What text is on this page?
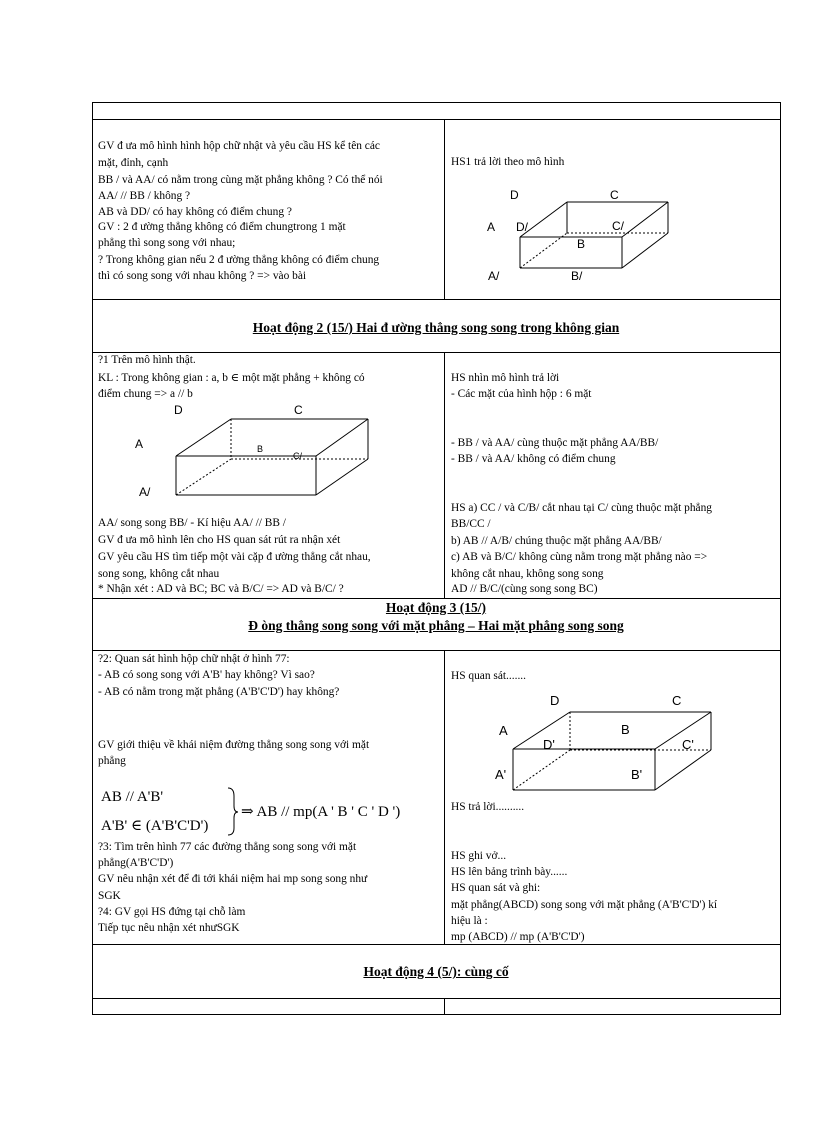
GV đ ưa mô hình hình hộp chữ nhật và yêu cầu HS kể tên các
mặt, đỉnh, cạnh
BB / và AA/ có nằm trong cùng mặt phẳng không ? Có thể nói
AA/ // BB / không ?
AB và DD/ có hay không có điểm chung ?
GV : 2 đ ường thẳng không có điểm chungtrong 1 mặt
phẳng thì song song với nhau;
? Trong không gian nếu 2 đ ường thẳng không có điểm chung
thì có song song với nhau không ? => vào bài
HS1 trả lời theo mô hình
D	C
A D/	C/
B
A/	B/
Hoạt động 2 (15/) Hai đ ường thẳng song song trong không gian
?1 Trên mô hình thật.
KL : Trong không gian : a, b ∈ một mặt phẳng + không có
điểm chung => a // b
D	C
A	B
C/
A/
AA/ song song BB/ - Kí hiệu AA/ // BB /
GV đ ưa mô hình lên cho HS quan sát rút ra nhận xét
GV yêu cầu HS tìm tiếp một vài cặp đ ường thẳng cắt nhau,
song song, không cắt nhau
* Nhận xét : AD và BC; BC và B/C/ => AD và B/C/ ?
HS nhìn mô hình trả lời
- Các mặt của hình hộp : 6 mặt
- BB / và AA/ cùng thuộc mặt phẳng AA/BB/
- BB / và AA/ không có điểm chung
HS a) CC / và C/B/ cắt nhau tại C/ cùng thuộc mặt phẳng
BB/CC /
b) AB // A/B/ chúng thuộc mặt phẳng AA/BB/
c) AB và B/C/ không cùng nằm trong mặt phẳng nào =>
không cắt nhau, không song song
AD // B/C/(cùng song song BC)
Hoạt động 3 (15/)
Đ òng thẳng song song với mặt phẳng – Hai mặt phẳng song song
?2: Quan sát hình hộp chữ nhật ở hình 77:
- AB có song song với A'B' hay không? Vì sao?
- AB có nằm trong mặt phẳng (A'B'C'D') hay không?
GV giới thiệu về khái niệm đường thẳng song song với mặt
phẳng
AB // A'B'
A'B' ∈ (A'B'C'D')
⇒ AB // mp(A ' B ' C ' D ')
?3: Tìm trên hình 77 các đường thẳng song song với mặt
phẳng(A'B'C'D')
GV nêu nhận xét để đi tới khái niệm hai mp song song như
SGK
?4: GV gọi HS đứng tại chỗ làm
Tiếp tục nêu nhận xét nhưSGK
HS quan sát.......
D	C
A	B
D'	C'
A'	B'
HS trả lời..........
HS ghi vở...
HS lên bảng trình bày......
HS quan sát và ghi:
mặt phẳng(ABCD) song song với mặt phẳng (A'B'C'D') kí
hiệu là :
mp (ABCD) // mp (A'B'C'D')
Hoạt động 4 (5/): cùng cố
